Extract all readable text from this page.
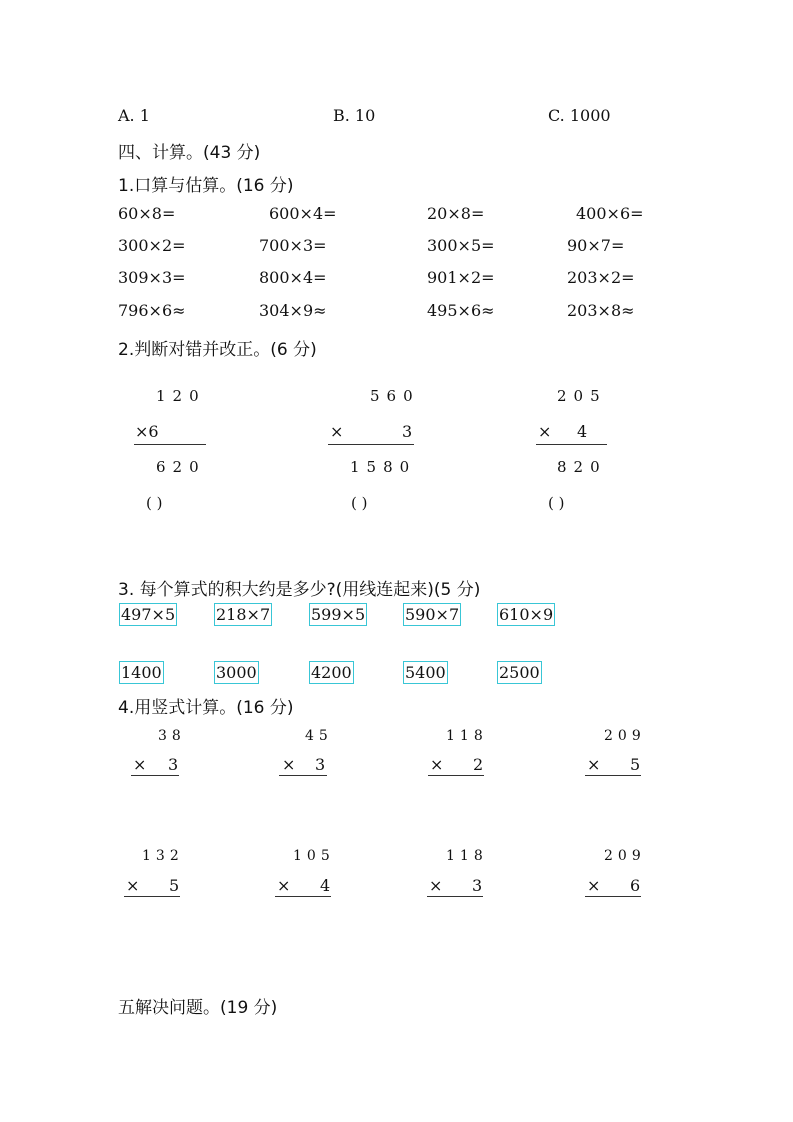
A. 1	B. 10	C. 1000
四、计算。(43 分)
1.口算与估算。(16 分)
60×8=	600×4=	20×8=	400×6=
300×2=	700×3=	300×5=	90×7=
309×3=	800×4=	901×2=	203×2=
796×6≈	304×9≈	495×6≈	203×8≈
2.判断对错并改正。(6 分)
120
×6
620
( )
560
×	3
1580
( )
205
× 4
820
( )
3. 每个算式的积大约是多少?(用线连起来)(5 分)
497×5	218×7	599×5 590×7 610×9
1400	3000	4200	5400	2500
4.用竖式计算。(16 分)
38
× 3
45
× 3
118
× 2
209
× 5
132
× 5
105
× 4
118
× 3
209
× 6
五解决问题。(19 分)
